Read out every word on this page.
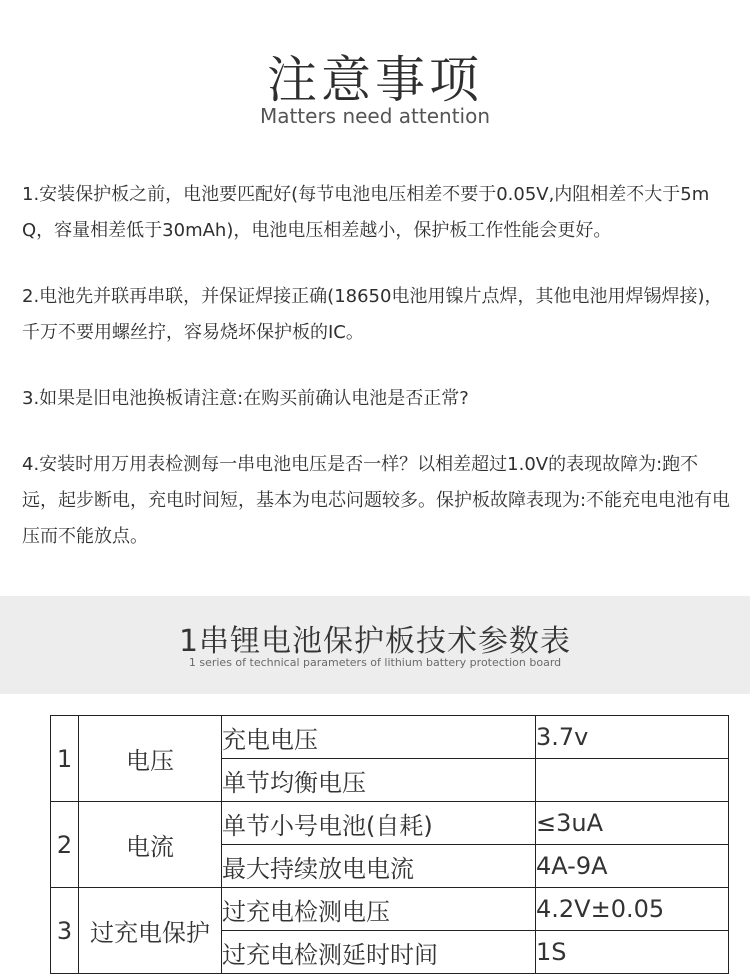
注意事项
Matters need attention

1.安装保护板之前，电池要匹配好(每节电池电压相差不要于0.05V,内阻相差不大于5mQ，容量相差低于30mAh)，电池电压相差越小，保护板工作性能会更好。

2.电池先并联再串联，并保证焊接正确(18650电池用镍片点焊，其他电池用焊锡焊接)，千万不要用螺丝拧，容易烧坏保护板的IC。

3.如果是旧电池换板请注意:在购买前确认电池是否正常?

4.安装时用万用表检测每一串电池电压是否一样？以相差超过1.0V的表现故障为:跑不远，起步断电，充电时间短，基本为电芯问题较多。保护板故障表现为:不能充电电池有电压而不能放点。

1串锂电池保护板技术参数表
1 series of technical parameters of lithium battery protection board
1	电压	充电电压	3.7v
		单节均衡电压	
2	电流	单节小号电池(自耗)	≤3uA
		最大持续放电电流	4A-9A
3	过充电保护	过充电检测电压	4.2V±0.05
		过充电检测延时时间	1S
